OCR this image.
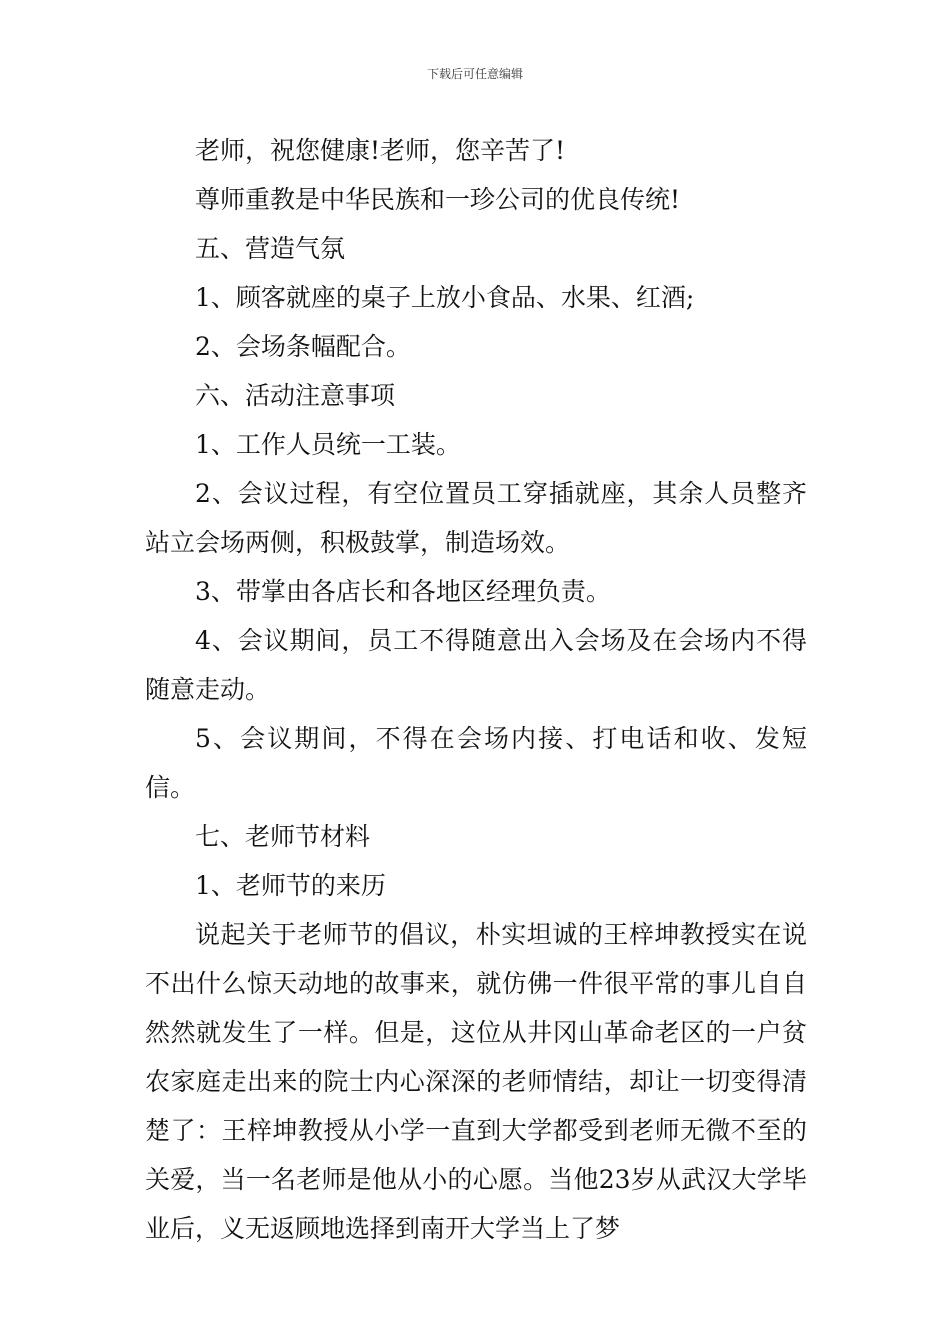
下载后可任意编辑

老师，祝您健康!老师，您辛苦了!

尊师重教是中华民族和一珍公司的优良传统!

五、营造气氛

1、顾客就座的桌子上放小食品、水果、红酒;

2、会场条幅配合。

六、活动注意事项

1、工作人员统一工装。

2、会议过程，有空位置员工穿插就座，其余人员整齐站立会场两侧，积极鼓掌，制造场效。

3、带掌由各店长和各地区经理负责。

4、会议期间，员工不得随意出入会场及在会场内不得随意走动。

5、会议期间，不得在会场内接、打电话和收、发短信。

七、老师节材料

1、老师节的来历

说起关于老师节的倡议，朴实坦诚的王梓坤教授实在说不出什么惊天动地的故事来，就仿佛一件很平常的事儿自自然然就发生了一样。但是，这位从井冈山革命老区的一户贫农家庭走出来的院士内心深深的老师情结，却让一切变得清楚了：王梓坤教授从小学一直到大学都受到老师无微不至的关爱，当一名老师是他从小的心愿。当他23岁从武汉大学毕业后，义无返顾地选择到南开大学当上了梦
